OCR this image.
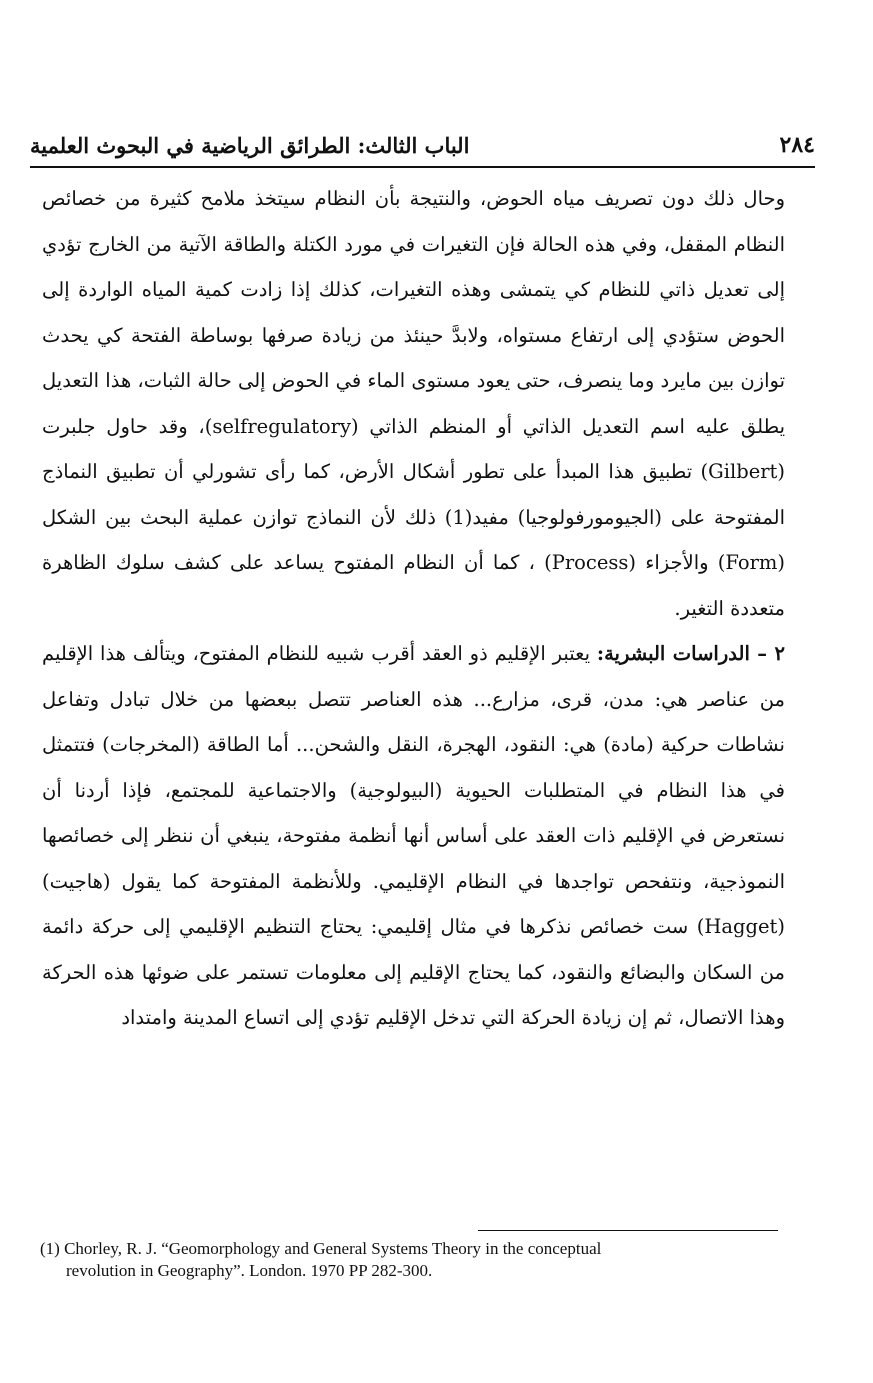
٢٨٤
الباب الثالث: الطرائق الرياضية في البحوث العلمية

وحال ذلك دون تصريف مياه الحوض، والنتيجة بأن النظام سيتخذ ملامح كثيرة من خصائص النظام المقفل، وفي هذه الحالة فإن التغيرات في مورد الكتلة والطاقة الآتية من الخارج تؤدي إلى تعديل ذاتي للنظام كي يتمشى وهذه التغيرات، كذلك إذا زادت كمية المياه الواردة إلى الحوض ستؤدي إلى ارتفاع مستواه، ولابدَّ حينئذ من زيادة صرفها بوساطة الفتحة كي يحدث توازن بين مايرد وما ينصرف، حتى يعود مستوى الماء في الحوض إلى حالة الثبات، هذا التعديل يطلق عليه اسم التعديل الذاتي أو المنظم الذاتي (selfregulatory)، وقد حاول جلبرت (Gilbert) تطبيق هذا المبدأ على تطور أشكال الأرض، كما رأى تشورلي أن تطبيق النماذج المفتوحة على (الجيومورفولوجيا) مفيد(1) ذلك لأن النماذج توازن عملية البحث بين الشكل (Form) والأجزاء (Process) ، كما أن النظام المفتوح يساعد على كشف سلوك الظاهرة متعددة التغير.

٢ – الدراسات البشرية: يعتبر الإقليم ذو العقد أقرب شبيه للنظام المفتوح، ويتألف هذا الإقليم من عناصر هي: مدن، قرى، مزارع... هذه العناصر تتصل ببعضها من خلال تبادل وتفاعل نشاطات حركية (مادة) هي: النقود، الهجرة، النقل والشحن... أما الطاقة (المخرجات) فتتمثل في هذا النظام في المتطلبات الحيوية (البيولوجية) والاجتماعية للمجتمع، فإذا أردنا أن نستعرض في الإقليم ذات العقد على أساس أنها أنظمة مفتوحة، ينبغي أن ننظر إلى خصائصها النموذجية، ونتفحص تواجدها في النظام الإقليمي. وللأنظمة المفتوحة كما يقول (هاجيت) (Hagget) ست خصائص نذكرها في مثال إقليمي: يحتاج التنظيم الإقليمي إلى حركة دائمة من السكان والبضائع والنقود، كما يحتاج الإقليم إلى معلومات تستمر على ضوئها هذه الحركة وهذا الاتصال، ثم إن زيادة الحركة التي تدخل الإقليم تؤدي إلى اتساع المدينة وامتداد

(1) Chorley, R. J. “Geomorphology and General Systems Theory in the conceptual
revolution in Geography”. London. 1970 PP 282-300.
